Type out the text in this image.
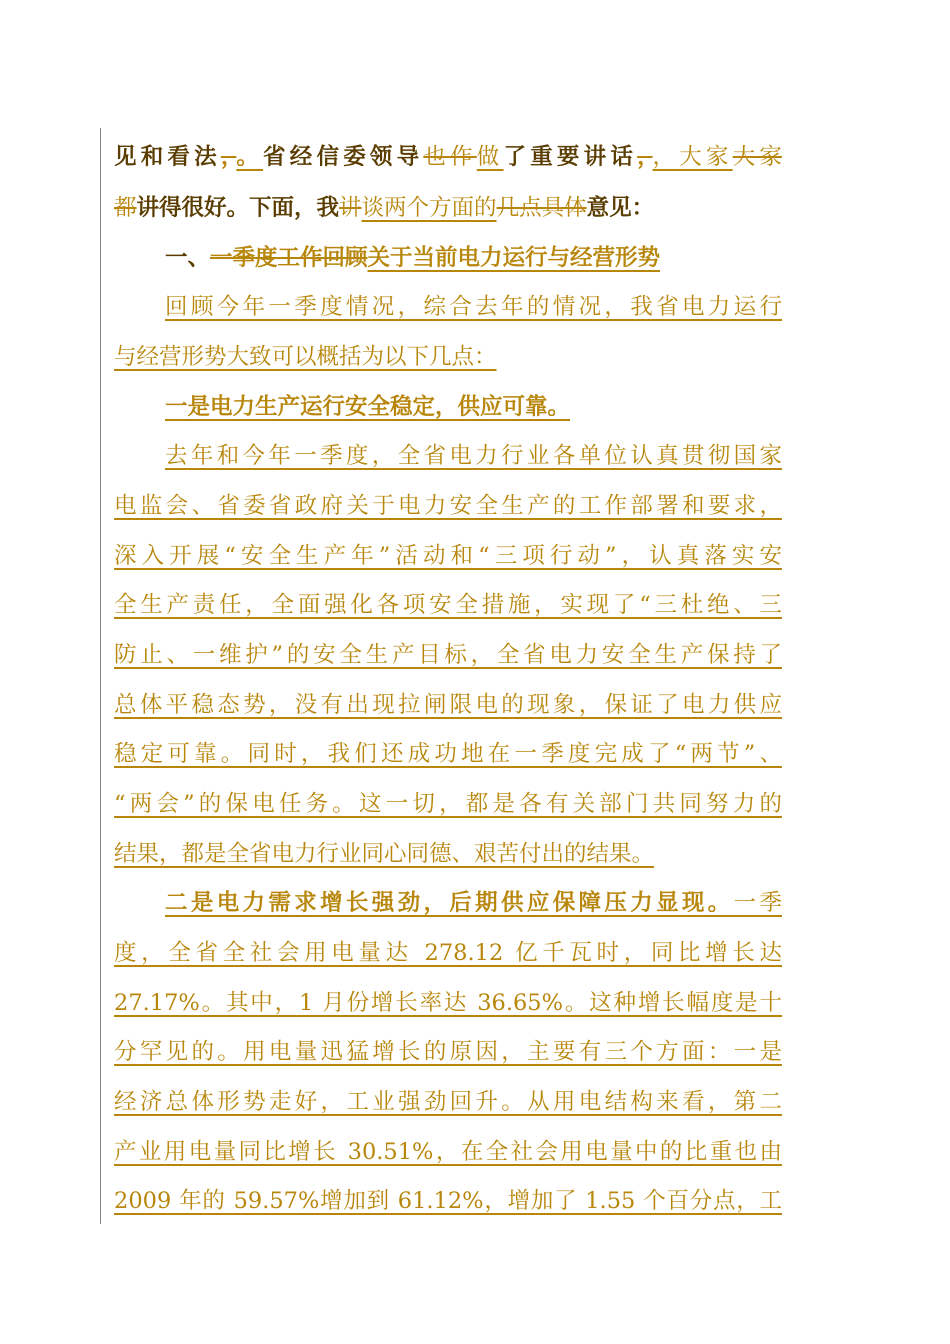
见和看法，。省经信委领导也作做了重要讲话，，大家大家
都讲得很好。下面，我讲谈两个方面的几点具体意见：
一、一季度工作回顾关于当前电力运行与经营形势
回顾今年一季度情况，综合去年的情况，我省电力运行
与经营形势大致可以概括为以下几点：
一是电力生产运行安全稳定，供应可靠。
去年和今年一季度，全省电力行业各单位认真贯彻国家
电监会、省委省政府关于电力安全生产的工作部署和要求，
深入开展“安全生产年”活动和“三项行动”，认真落实安
全生产责任，全面强化各项安全措施，实现了“三杜绝、三
防止、一维护”的安全生产目标，全省电力安全生产保持了
总体平稳态势，没有出现拉闸限电的现象，保证了电力供应
稳定可靠。同时，我们还成功地在一季度完成了“两节”、
“两会”的保电任务。这一切，都是各有关部门共同努力的
结果，都是全省电力行业同心同德、艰苦付出的结果。
二是电力需求增长强劲，后期供应保障压力显现。一季
度，全省全社会用电量达 278.12 亿千瓦时，同比增长达
27.17%。其中，1 月份增长率达 36.65%。这种增长幅度是十
分罕见的。用电量迅猛增长的原因，主要有三个方面：一是
经济总体形势走好，工业强劲回升。从用电结构来看，第二
产业用电量同比增长 30.51%，在全社会用电量中的比重也由
2009 年的 59.57%增加到 61.12%，增加了 1.55 个百分点，工
